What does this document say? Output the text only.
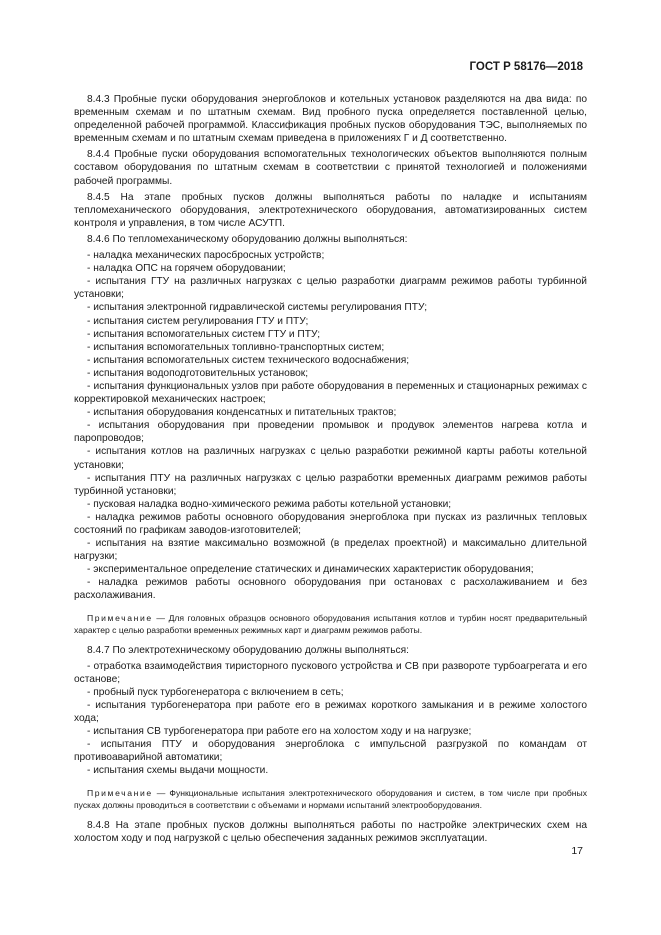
ГОСТ Р 58176—2018

8.4.3 Пробные пуски оборудования энергоблоков и котельных установок разделяются на два вида: по временным схемам и по штатным схемам. Вид пробного пуска определяется поставленной целью, определенной рабочей программой. Классификация пробных пусков оборудования ТЭС, выполняемых по временным схемам и по штатным схемам приведена в приложениях Г и Д соответственно.

8.4.4 Пробные пуски оборудования вспомогательных технологических объектов выполняются полным составом оборудования по штатным схемам в соответствии с принятой технологией и положениями рабочей программы.

8.4.5 На этапе пробных пусков должны выполняться работы по наладке и испытаниям тепломеханического оборудования, электротехнического оборудования, автоматизированных систем контроля и управления, в том числе АСУТП.

8.4.6 По тепломеханическому оборудованию должны выполняться:

- наладка механических паросбросных устройств;

- наладка ОПС на горячем оборудовании;

- испытания ГТУ на различных нагрузках с целью разработки диаграмм режимов работы турбинной установки;

- испытания электронной гидравлической системы регулирования ПТУ;

- испытания систем регулирования ГТУ и ПТУ;

- испытания вспомогательных систем ГТУ и ПТУ;

- испытания вспомогательных топливно-транспортных систем;

- испытания вспомогательных систем технического водоснабжения;

- испытания водоподготовительных установок;

- испытания функциональных узлов при работе оборудования в переменных и стационарных режимах с корректировкой механических настроек;

- испытания оборудования конденсатных и питательных трактов;

- испытания оборудования при проведении промывок и продувок элементов нагрева котла и паропроводов;

- испытания котлов на различных нагрузках с целью разработки режимной карты работы котельной установки;

- испытания ПТУ на различных нагрузках с целью разработки временных диаграмм режимов работы турбинной установки;

- пусковая наладка водно-химического режима работы котельной установки;

- наладка режимов работы основного оборудования энергоблока при пусках из различных тепловых состояний по графикам заводов-изготовителей;

- испытания на взятие максимально возможной (в пределах проектной) и максимально длительной нагрузки;

- экспериментальное определение статических и динамических характеристик оборудования;

- наладка режимов работы основного оборудования при остановах с расхолаживанием и без расхолаживания.

Примечание — Для головных образцов основного оборудования испытания котлов и турбин носят предварительный характер с целью разработки временных режимных карт и диаграмм режимов работы.

8.4.7 По электротехническому оборудованию должны выполняться:

- отработка взаимодействия тиристорного пускового устройства и СВ при развороте турбоагрегата и его останове;

- пробный пуск турбогенератора с включением в сеть;

- испытания турбогенератора при работе его в режимах короткого замыкания и в режиме холостого хода;

- испытания СВ турбогенератора при работе его на холостом ходу и на нагрузке;

- испытания ПТУ и оборудования энергоблока с импульсной разгрузкой по командам от противоаварийной автоматики;

- испытания схемы выдачи мощности.

Примечание — Функциональные испытания электротехнического оборудования и систем, в том числе при пробных пусках должны проводиться в соответствии с объемами и нормами испытаний электрооборудования.

8.4.8 На этапе пробных пусков должны выполняться работы по настройке электрических схем на холостом ходу и под нагрузкой с целью обеспечения заданных режимов эксплуатации.

17
